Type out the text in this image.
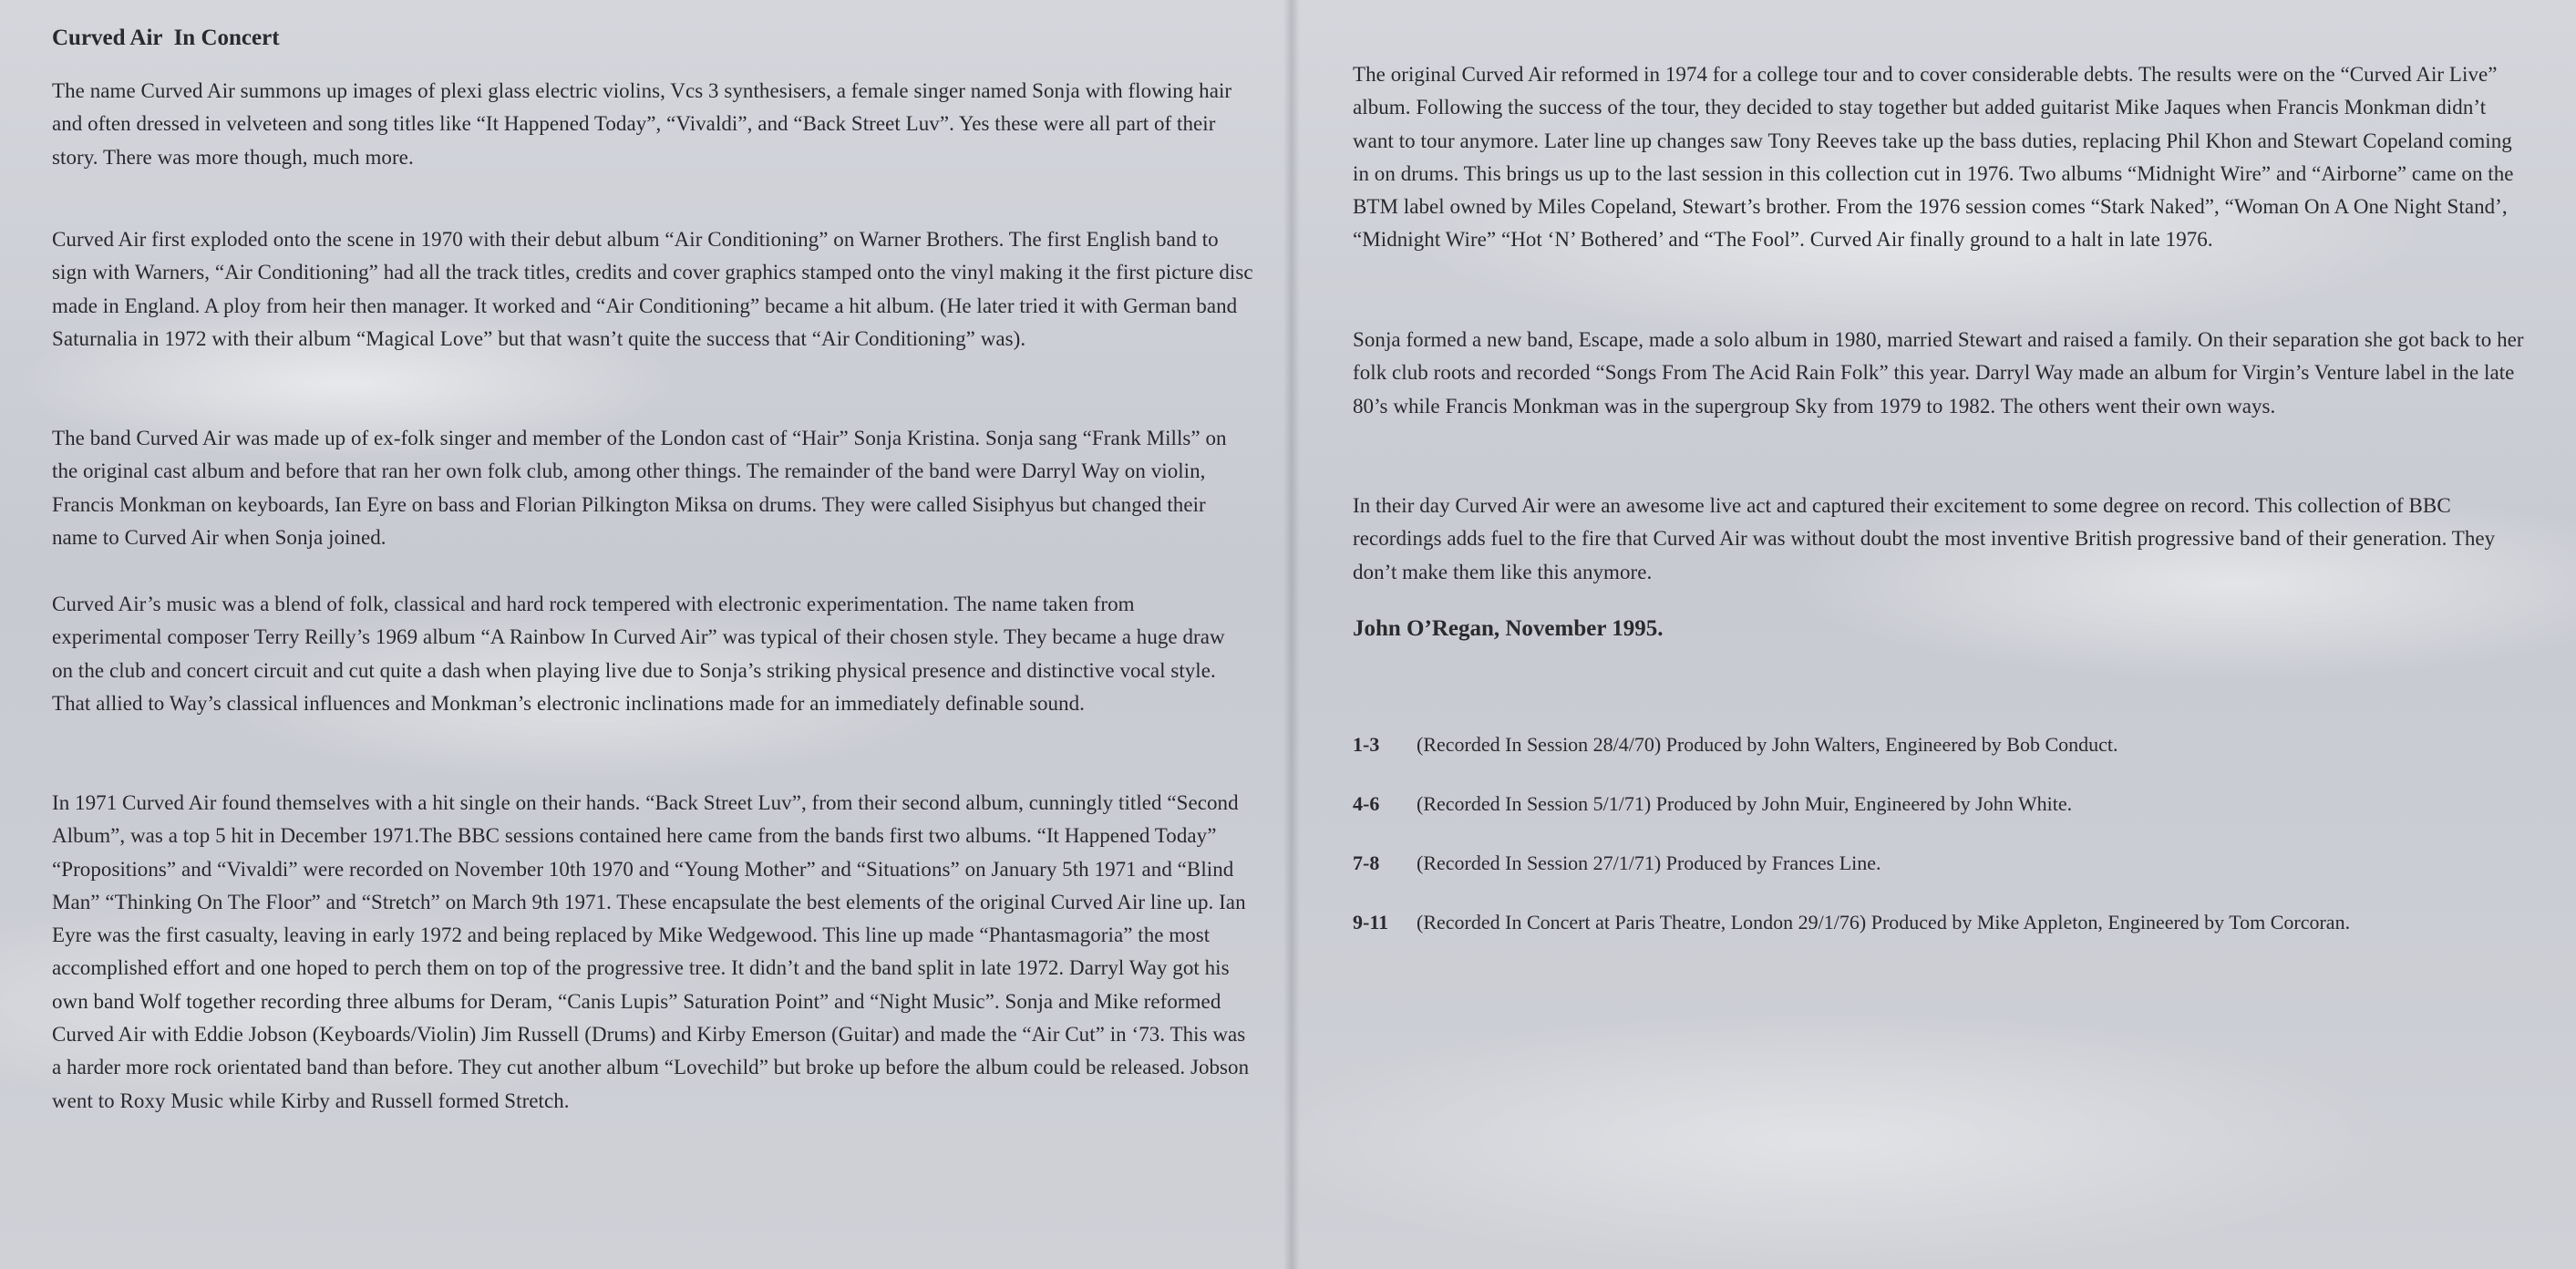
Curved Air  In Concert

The name Curved Air summons up images of plexi glass electric violins, Vcs 3 synthesisers, a female singer named Sonja with flowing hair and often dressed in velveteen and song titles like “It Happened Today”, “Vivaldi”, and “Back Street Luv”. Yes these were all part of their story. There was more though, much more.

Curved Air first exploded onto the scene in 1970 with their debut album “Air Conditioning” on Warner Brothers. The first English band to sign with Warners, “Air Conditioning” had all the track titles, credits and cover graphics stamped onto the vinyl making it the first picture disc made in England. A ploy from heir then manager. It worked and “Air Conditioning” became a hit album. (He later tried it with German band Saturnalia in 1972 with their album “Magical Love” but that wasn’t quite the success that “Air Conditioning” was).

The band Curved Air was made up of ex-folk singer and member of the London cast of “Hair” Sonja Kristina. Sonja sang “Frank Mills” on the original cast album and before that ran her own folk club, among other things. The remainder of the band were Darryl Way on violin, Francis Monkman on keyboards, Ian Eyre on bass and Florian Pilkington Miksa on drums. They were called Sisiphyus but changed their name to Curved Air when Sonja joined.

Curved Air’s music was a blend of folk, classical and hard rock tempered with electronic experimentation. The name taken from experimental composer Terry Reilly’s 1969 album “A Rainbow In Curved Air” was typical of their chosen style. They became a huge draw on the club and concert circuit and cut quite a dash when playing live due to Sonja’s striking physical presence and distinctive vocal style. That allied to Way’s classical influences and Monkman’s electronic inclinations made for an immediately definable sound.

In 1971 Curved Air found themselves with a hit single on their hands. “Back Street Luv”, from their second album, cunningly titled “Second Album”, was a top 5 hit in December 1971.The BBC sessions contained here came from the bands first two albums. “It Happened Today” “Propositions” and “Vivaldi” were recorded on November 10th 1970 and “Young Mother” and “Situations” on January 5th 1971 and “Blind Man” “Thinking On The Floor” and “Stretch” on March 9th 1971. These encapsulate the best elements of the original Curved Air line up. Ian Eyre was the first casualty, leaving in early 1972 and being replaced by Mike Wedgewood. This line up made “Phantasmagoria” the most accomplished effort and one hoped to perch them on top of the progressive tree. It didn’t and the band split in late 1972. Darryl Way got his own band Wolf together recording three albums for Deram, “Canis Lupis” Saturation Point” and “Night Music”. Sonja and Mike reformed Curved Air with Eddie Jobson (Keyboards/Violin) Jim Russell (Drums) and Kirby Emerson (Guitar) and made the “Air Cut” in ‘73. This was a harder more rock orientated band than before. They cut another album “Lovechild” but broke up before the album could be released. Jobson went to Roxy Music while Kirby and Russell formed Stretch.

The original Curved Air reformed in 1974 for a college tour and to cover considerable debts. The results were on the “Curved Air Live” album. Following the success of the tour, they decided to stay together but added guitarist Mike Jaques when Francis Monkman didn’t want to tour anymore. Later line up changes saw Tony Reeves take up the bass duties, replacing Phil Khon and Stewart Copeland coming in on drums. This brings us up to the last session in this collection cut in 1976. Two albums “Midnight Wire” and “Airborne” came on the BTM label owned by Miles Copeland, Stewart’s brother. From the 1976 session comes “Stark Naked”, “Woman On A One Night Stand’, “Midnight Wire” “Hot ‘N’ Bothered’ and “The Fool”. Curved Air finally ground to a halt in late 1976.

Sonja formed a new band, Escape, made a solo album in 1980, married Stewart and raised a family. On their separation she got back to her folk club roots and recorded “Songs From The Acid Rain Folk” this year. Darryl Way made an album for Virgin’s Venture label in the late 80’s while Francis Monkman was in the supergroup Sky from 1979 to 1982. The others went their own ways.

In their day Curved Air were an awesome live act and captured their excitement to some degree on record. This collection of BBC recordings adds fuel to the fire that Curved Air was without doubt the most inventive British progressive band of their generation. They don’t make them like this anymore.

John O’Regan, November 1995.
1-3 (Recorded In Session 28/4/70) Produced by John Walters, Engineered by Bob Conduct.
4-6 (Recorded In Session 5/1/71) Produced by John Muir, Engineered by John White.
7-8 (Recorded In Session 27/1/71) Produced by Frances Line.
9-11 (Recorded In Concert at Paris Theatre, London 29/1/76) Produced by Mike Appleton, Engineered by Tom Corcoran.
